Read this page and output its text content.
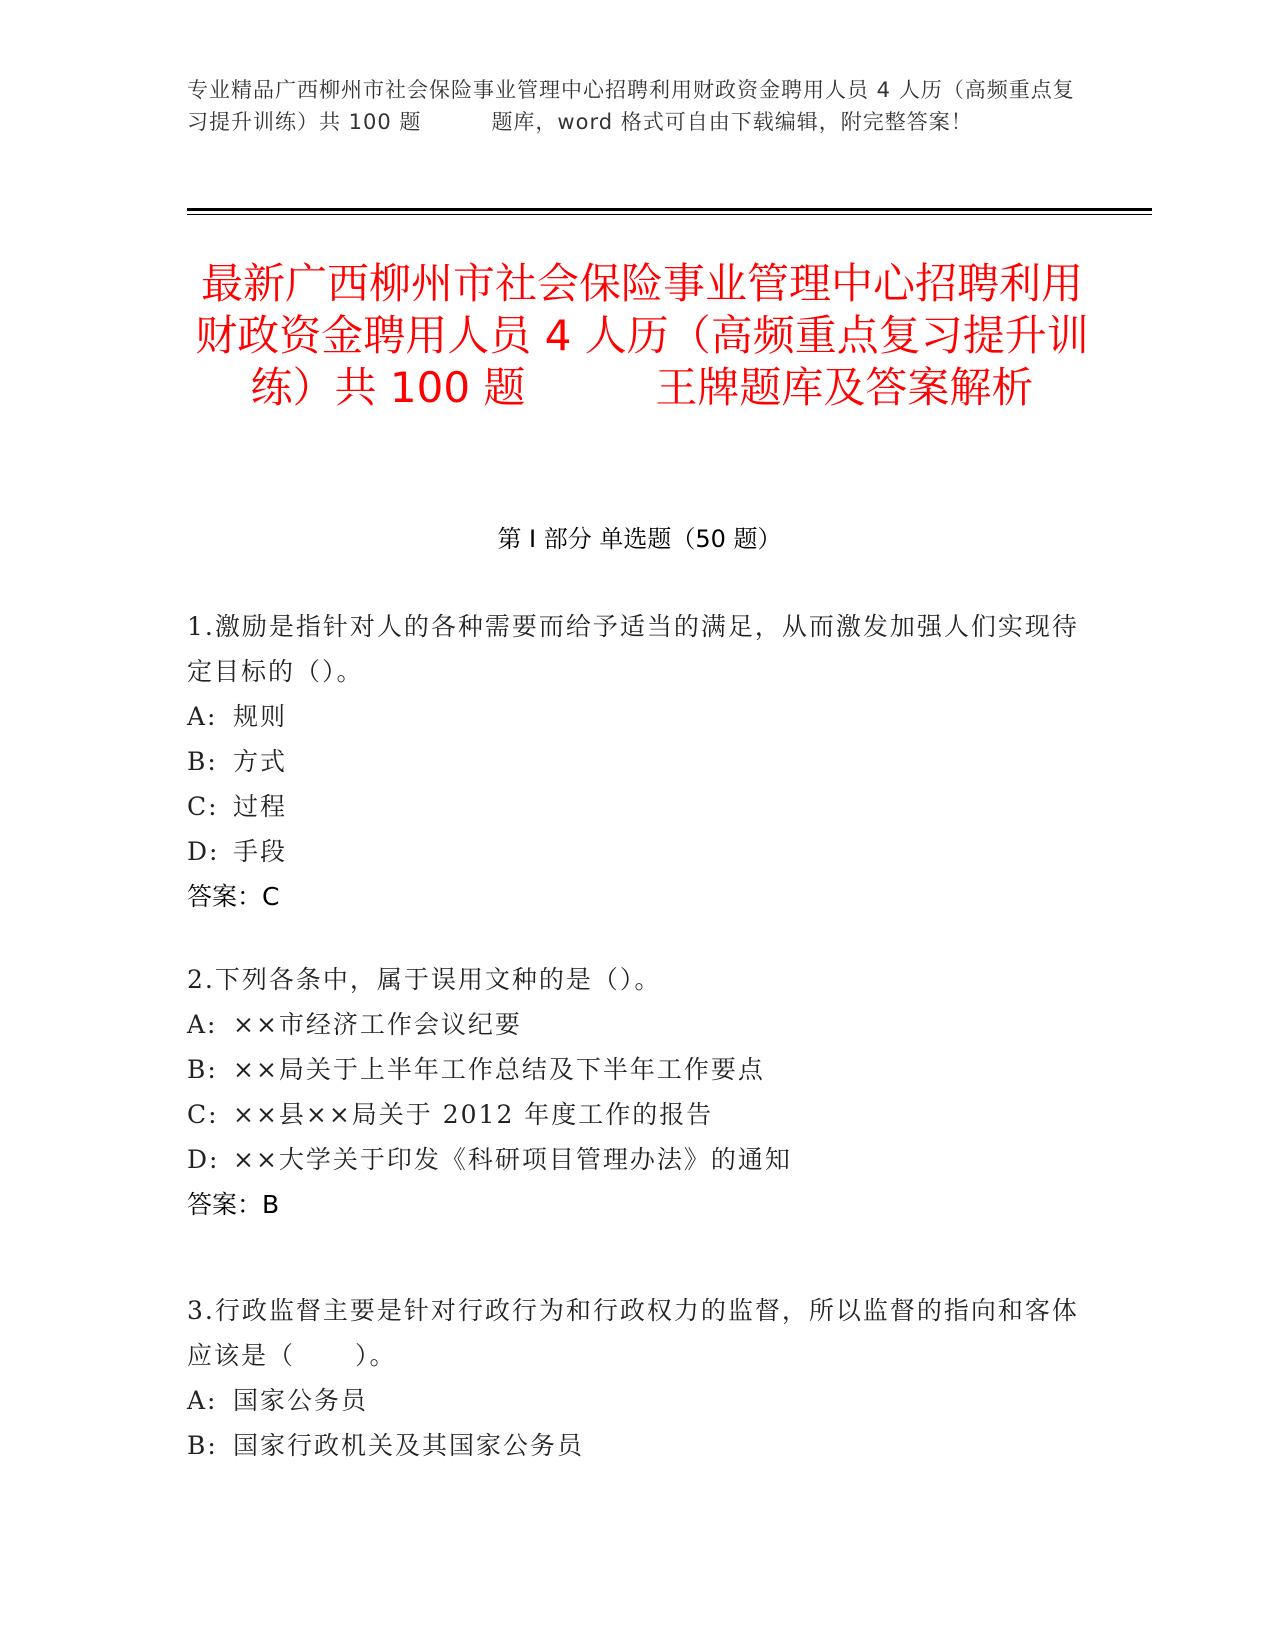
专业精品广西柳州市社会保险事业管理中心招聘利用财政资金聘用人员 4 人历（高频重点复习提升训练）共 100 题	题库，word 格式可自由下载编辑，附完整答案！
最新广西柳州市社会保险事业管理中心招聘利用财政资金聘用人员 4 人历（高频重点复习提升训练）共 100 题	王牌题库及答案解析
第 I 部分 单选题（50 题）
1.激励是指针对人的各种需要而给予适当的满足，从而激发加强人们实现待定目标的（）。
A: 规则
B: 方式
C: 过程
D: 手段
答案：C
2.下列各条中，属于误用文种的是（）。
A: ××市经济工作会议纪要
B: ××局关于上半年工作总结及下半年工作要点
C: ××县××局关于 2012 年度工作的报告
D: ××大学关于印发《科研项目管理办法》的通知
答案：B
3.行政监督主要是针对行政行为和行政权力的监督，所以监督的指向和客体应该是（ ）。
A: 国家公务员
B: 国家行政机关及其国家公务员
